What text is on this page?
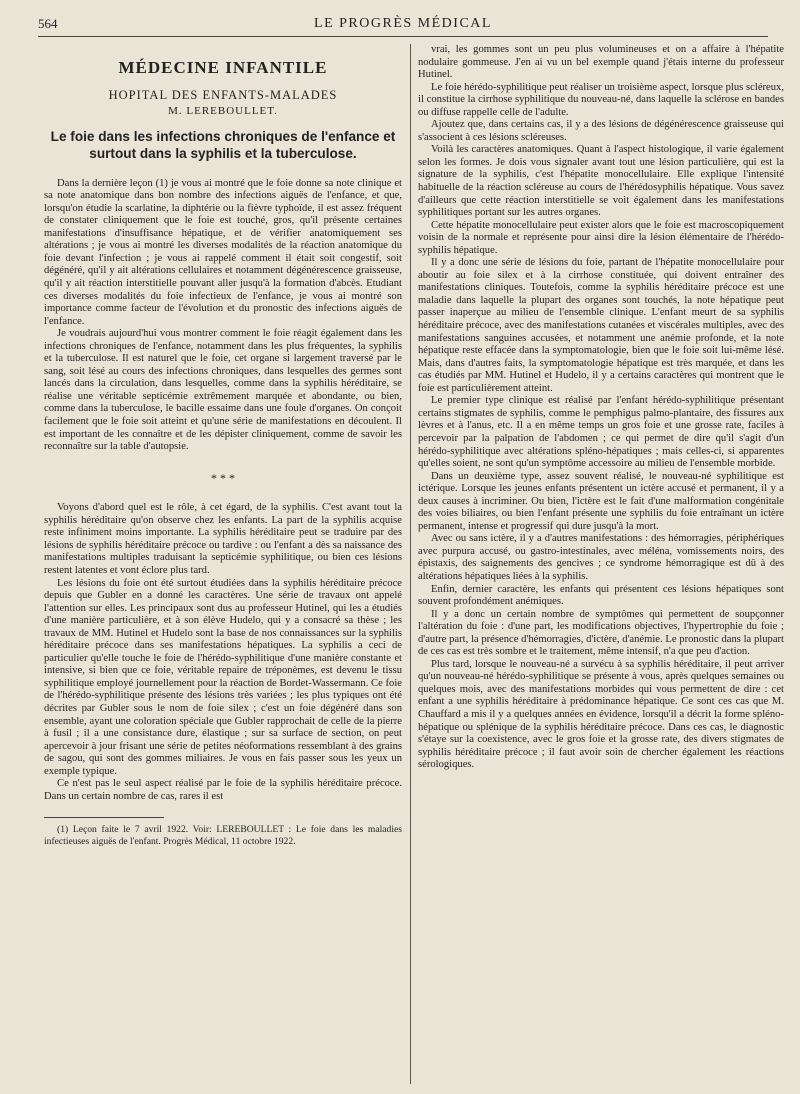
564	LE PROGRÈS MÉDICAL
MÉDECINE INFANTILE
HOPITAL DES ENFANTS-MALADES
M. LEREBOULLET.
Le foie dans les infections chroniques de l'enfance et surtout dans la syphilis et la tuberculose.

Dans la dernière leçon (1) je vous ai montré que le foie donne sa note clinique et sa note anatomique dans bon nombre des infections aiguës de l'enfance, et que, lorsqu'on étudie la scarlatine, la diphtérie ou la fièvre typhoïde, il est assez fréquent de constater cliniquement que le foie est touché, gros, qu'il présente certaines manifestations d'insuffisance hépatique, et de vérifier anatomiquement ses altérations ; je vous ai montré les diverses modalités de la réaction anatomique du foie devant l'infection ; je vous ai rappelé comment il était soit congestif, soit dégénéré, qu'il y ait altérations cellulaires et notamment dégénérescence graisseuse, qu'il y ait réaction interstitielle pouvant aller jusqu'à la formation d'abcès. Etudiant ces diverses modalités du foie infectieux de l'enfance, je vous ai montré son importance comme facteur de l'évolution et du pronostic des infections aiguës de l'enfance.

Je voudrais aujourd'hui vous montrer comment le foie réagit également dans les infections chroniques de l'enfance, notamment dans les plus fréquentes, la syphilis et la tuberculose. Il est naturel que le foie, cet organe si largement traversé par le sang, soit lésé au cours des infections chroniques, dans lesquelles des germes sont lancés dans la circulation, dans lesquelles, comme dans la syphilis héréditaire, se réalise une véritable septicémie extrêmement marquée et abondante, ou bien, comme dans la tuberculose, le bacille essaime dans une foule d'organes. On conçoit facilement que le foie soit atteint et qu'une série de manifestations en découlent. Il est important de les connaître et de les dépister cliniquement, comme de savoir les reconnaître sur la table d'autopsie.

* * *

Voyons d'abord quel est le rôle, à cet égard, de la syphilis. C'est avant tout la syphilis héréditaire qu'on observe chez les enfants. La part de la syphilis acquise reste infiniment moins importante. La syphilis héréditaire peut se traduire par des lésions de syphilis héréditaire précoce ou tardive : ou l'enfant a dès sa naissance des manifestations multiples traduisant la septicémie syphilitique, ou bien ces lésions restent latentes et vont éclore plus tard.

Les lésions du foie ont été surtout étudiées dans la syphilis héréditaire précoce depuis que Gubler en a donné les caractères. Une série de travaux ont appelé l'attention sur elles. Les principaux sont dus au professeur Hutinel, qui les a étudiés d'une manière particulière, et à son élève Hudelo, qui y a consacré sa thèse ; les travaux de MM. Hutinel et Hudelo sont la base de nos connaissances sur la syphilis héréditaire précoce dans ses manifestations hépatiques. La syphilis a ceci de particulier qu'elle touche le foie de l'hérédo-syphilitique d'une manière constante et intensive, si bien que ce foie, véritable repaire de tréponèmes, est devenu le tissu syphilitique employé journellement pour la réaction de Bordet-Wassermann. Ce foie de l'hérédo-syphilitique présente des lésions très variées ; les plus typiques ont été décrites par Gubler sous le nom de foie silex ; c'est un foie dégénéré dans son ensemble, ayant une coloration spéciale que Gubler rapprochait de celle de la pierre à fusil ; il a une consistance dure, élastique ; sur sa surface de section, on peut apercevoir à jour frisant une série de petites néoformations ressemblant à des grains de sagou, qui sont des gommes miliaires. Je vous en fais passer sous les yeux un exemple typique.

Ce n'est pas le seul aspect réalisé par le foie de la syphilis héréditaire précoce. Dans un certain nombre de cas, rares il est

(1) Leçon faite le 7 avril 1922. Voir: LEREBOULLET : Le foie dans les maladies infectieuses aiguës de l'enfant. Progrès Médical, 11 octobre 1922.

vrai, les gommes sont un peu plus volumineuses et on a affaire à l'hépatite nodulaire gommeuse. J'en ai vu un bel exemple quand j'étais interne du professeur Hutinel.

Le foie hérédo-syphilitique peut réaliser un troisième aspect, lorsque plus scléreux, il constitue la cirrhose syphilitique du nouveau-né, dans laquelle la sclérose en bandes ou diffuse rappelle celle de l'adulte.

Ajoutez que, dans certains cas, il y a des lésions de dégénérescence graisseuse qui s'associent à ces lésions scléreuses.

Voilà les caractères anatomiques. Quant à l'aspect histologique, il varie également selon les formes. Je dois vous signaler avant tout une lésion particulière, qui est la signature de la syphilis, c'est l'hépatite monocellulaire. Elle explique l'intensité habituelle de la réaction scléreuse au cours de l'hérédosyphilis hépatique. Vous savez d'ailleurs que cette réaction interstitielle se voit également dans les manifestations syphilitiques portant sur les autres organes.

Cette hépatite monocellulaire peut exister alors que le foie est macroscopiquement voisin de la normale et représente pour ainsi dire la lésion élémentaire de l'hérédo-syphilis hépatique.

Il y a donc une série de lésions du foie, partant de l'hépatite monocellulaire pour aboutir au foie silex et à la cirrhose constituée, qui doivent entraîner des manifestations cliniques. Toutefois, comme la syphilis héréditaire précoce est une maladie dans laquelle la plupart des organes sont touchés, la note hépatique peut passer inaperçue au milieu de l'ensemble clinique. L'enfant meurt de sa syphilis héréditaire précoce, avec des manifestations cutanées et viscérales multiples, avec des manifestations sanguines accusées, et notamment une anémie profonde, et la note hépatique reste effacée dans la symptomatologie, bien que le foie soit lui-même lésé. Mais, dans d'autres faits, la symptomatologie hépatique est très marquée, et dans les cas étudiés par MM. Hutinel et Hudelo, il y a certains caractères qui montrent que le foie est particulièrement atteint.

Le premier type clinique est réalisé par l'enfant hérédo-syphilitique présentant certains stigmates de syphilis, comme le pemphigus palmo-plantaire, des fissures aux lèvres et à l'anus, etc. Il a en même temps un gros foie et une grosse rate, faciles à percevoir par la palpation de l'abdomen ; ce qui permet de dire qu'il s'agit d'un hérédo-syphilitique avec altérations spléno-hépatiques ; mais celles-ci, si apparentes qu'elles soient, ne sont qu'un symptôme accessoire au milieu de l'ensemble morbide.

Dans un deuxième type, assez souvent réalisé, le nouveau-né syphilitique est ictérique. Lorsque les jeunes enfants présentent un ictère accusé et permanent, il y a deux causes à incriminer. Ou bien, l'ictère est le fait d'une malformation congénitale des voies biliaires, ou bien l'enfant présente une syphilis du foie entraînant un ictère permanent, intense et progressif qui dure jusqu'à la mort.

Avec ou sans ictère, il y a d'autres manifestations : des hémorragies, périphériques avec purpura accusé, ou gastro-intestinales, avec méléna, vomissements noirs, des épistaxis, des saignements des gencives ; ce syndrome hémorragique est dû à des altérations hépatiques liées à la syphilis.

Enfin, dernier caractère, les enfants qui présentent ces lésions hépatiques sont souvent profondément anémiques.

Il y a donc un certain nombre de symptômes qui permettent de soupçonner l'altération du foie : d'une part, les modifications objectives, l'hypertrophie du foie ; d'autre part, la présence d'hémorragies, d'ictère, d'anémie. Le pronostic dans la plupart de ces cas est très sombre et le traitement, même intensif, n'a que peu d'action.

Plus tard, lorsque le nouveau-né a survécu à sa syphilis héréditaire, il peut arriver qu'un nouveau-né hérédo-syphilitique se présente à vous, après quelques semaines ou quelques mois, avec des manifestations morbides qui vous permettent de dire : cet enfant a une syphilis héréditaire à prédominance hépatique. Ce sont ces cas que M. Chauffard a mis il y a quelques années en évidence, lorsqu'il a décrit la forme spléno-hépatique ou splénique de la syphilis héréditaire précoce. Dans ces cas, le diagnostic s'étaye sur la coexistence, avec le gros foie et la grosse rate, des divers stigmates de syphilis héréditaire précoce ; il faut avoir soin de chercher également les réactions sérologiques.
